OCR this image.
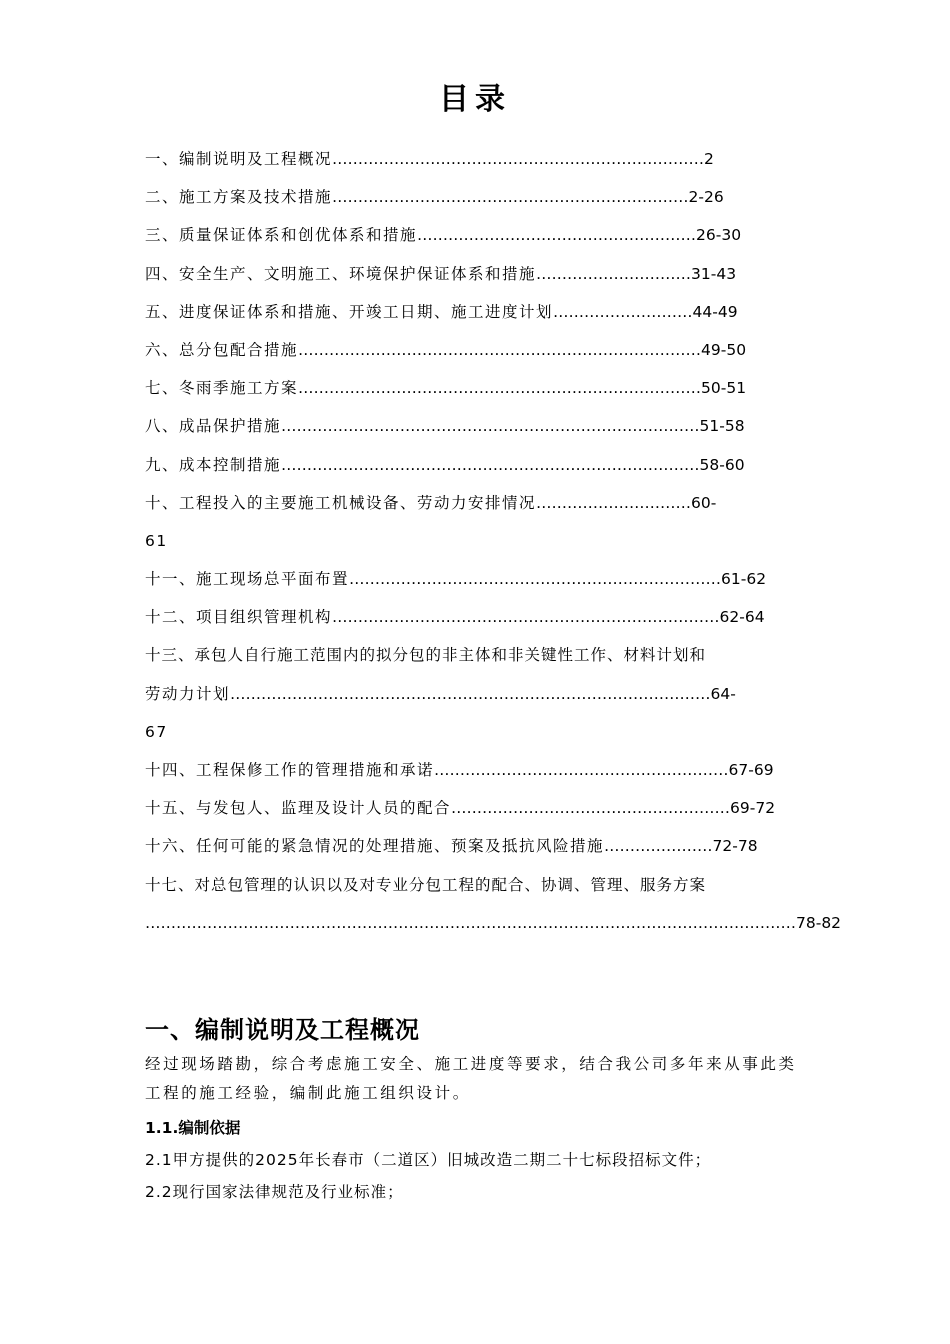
目录
一、编制说明及工程概况………………………………………………………………2
二、施工方案及技术措施……………………………………………………………2-26
三、质量保证体系和创优体系和措施………………………………………………26-30
四、安全生产、文明施工、环境保护保证体系和措施…………………………31-43
五、进度保证体系和措施、开竣工日期、施工进度计划………………………44-49
六、总分包配合措施……………………………………………………………………49-50
七、冬雨季施工方案……………………………………………………………………50-51
八、成品保护措施………………………………………………………………………51-58
九、成本控制措施………………………………………………………………………58-60
十、工程投入的主要施工机械设备、劳动力安排情况…………………………60-
61
十一、施工现场总平面布置………………………………………………………………61-62
十二、项目组织管理机构…………………………………………………………………62-64
十三、承包人自行施工范围内的拟分包的非主体和非关键性工作、材料计划和
劳动力计划…………………………………………………………………………………64-
67
十四、工程保修工作的管理措施和承诺…………………………………………………67-69
十五、与发包人、监理及设计人员的配合………………………………………………69-72
十六、任何可能的紧急情况的处理措施、预案及抵抗风险措施…………………72-78
十七、对总包管理的认识以及对专业分包工程的配合、协调、管理、服务方案
………………………………………………………………………………………………………………78-82
一、编制说明及工程概况
经过现场踏勘，综合考虑施工安全、施工进度等要求，结合我公司多年来从事此类工程的施工经验，编制此施工组织设计。
1.1.编制依据
2.1甲方提供的2025年长春市（二道区）旧城改造二期二十七标段招标文件；
2.2现行国家法律规范及行业标准；
